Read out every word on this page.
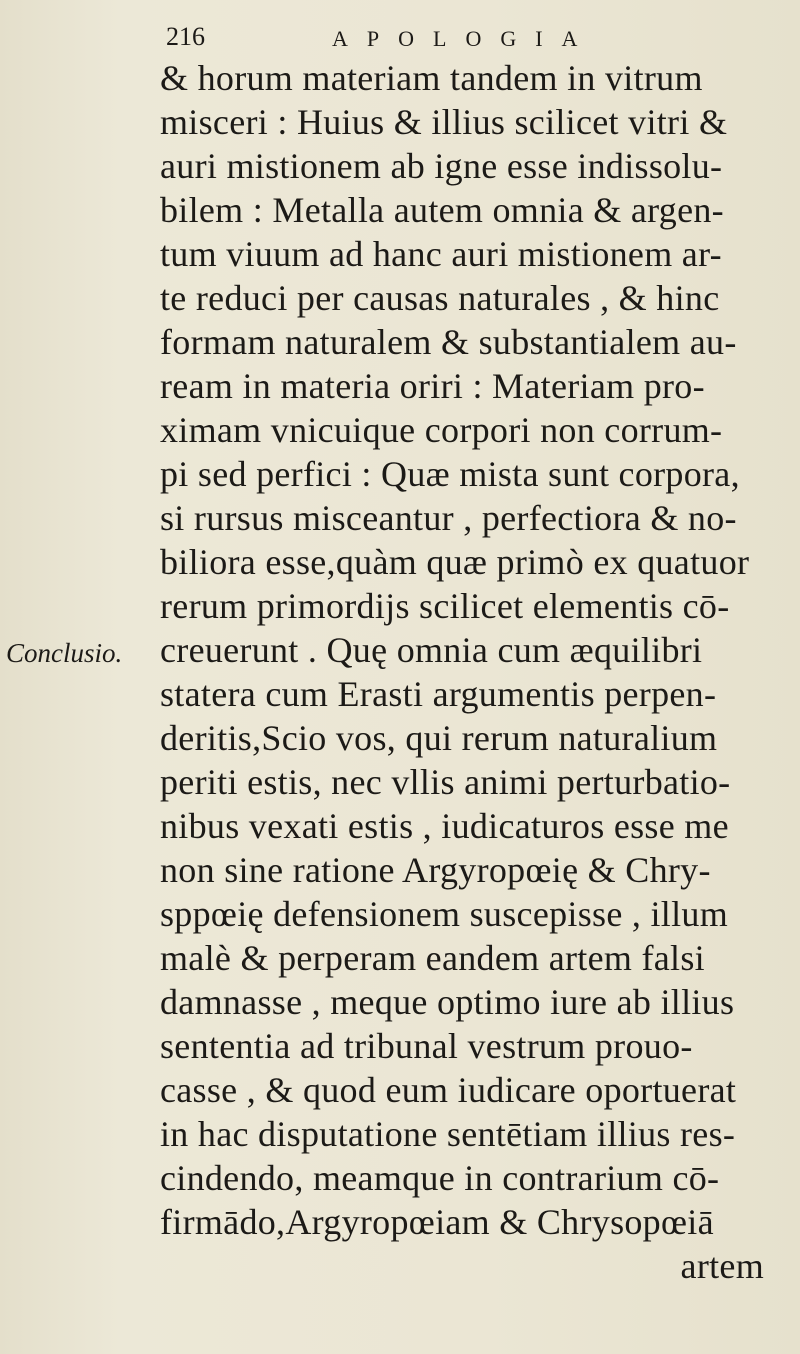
216	APOLOGIA
Conclusio.
& horum materiam tandem in vitrum
misceri : Huius & illius scilicet vitri &
auri mistionem ab igne esse indissolu-
bilem : Metalla autem omnia & argen-
tum viuum ad hanc auri mistionem ar-
te reduci per causas naturales , & hinc
formam naturalem & substantialem au-
ream in materia oriri : Materiam pro-
ximam vnicuique corpori non corrum-
pi sed perfici : Quæ mista sunt corpora,
si rursus misceantur , perfectiora & no-
biliora esse,quàm quæ primò ex quatuor
rerum primordijs scilicet elementis cō-
creuerunt . Quę omnia cum æquilibri
statera cum Erasti argumentis perpen-
deritis,Scio vos, qui rerum naturalium
periti estis, nec vllis animi perturbatio-
nibus vexati estis , iudicaturos esse me
non sine ratione Argyropœię & Chry-
sppœię defensionem suscepisse , illum
malè & perperam eandem artem falsi
damnasse , meque optimo iure ab illius
sententia ad tribunal vestrum prouo-
casse , & quod eum iudicare oportuerat
in hac disputatione sentētiam illius res-
cindendo, meamque in contrarium cō-
firmādo,Argyropœiam & Chrysopœiā
artem
